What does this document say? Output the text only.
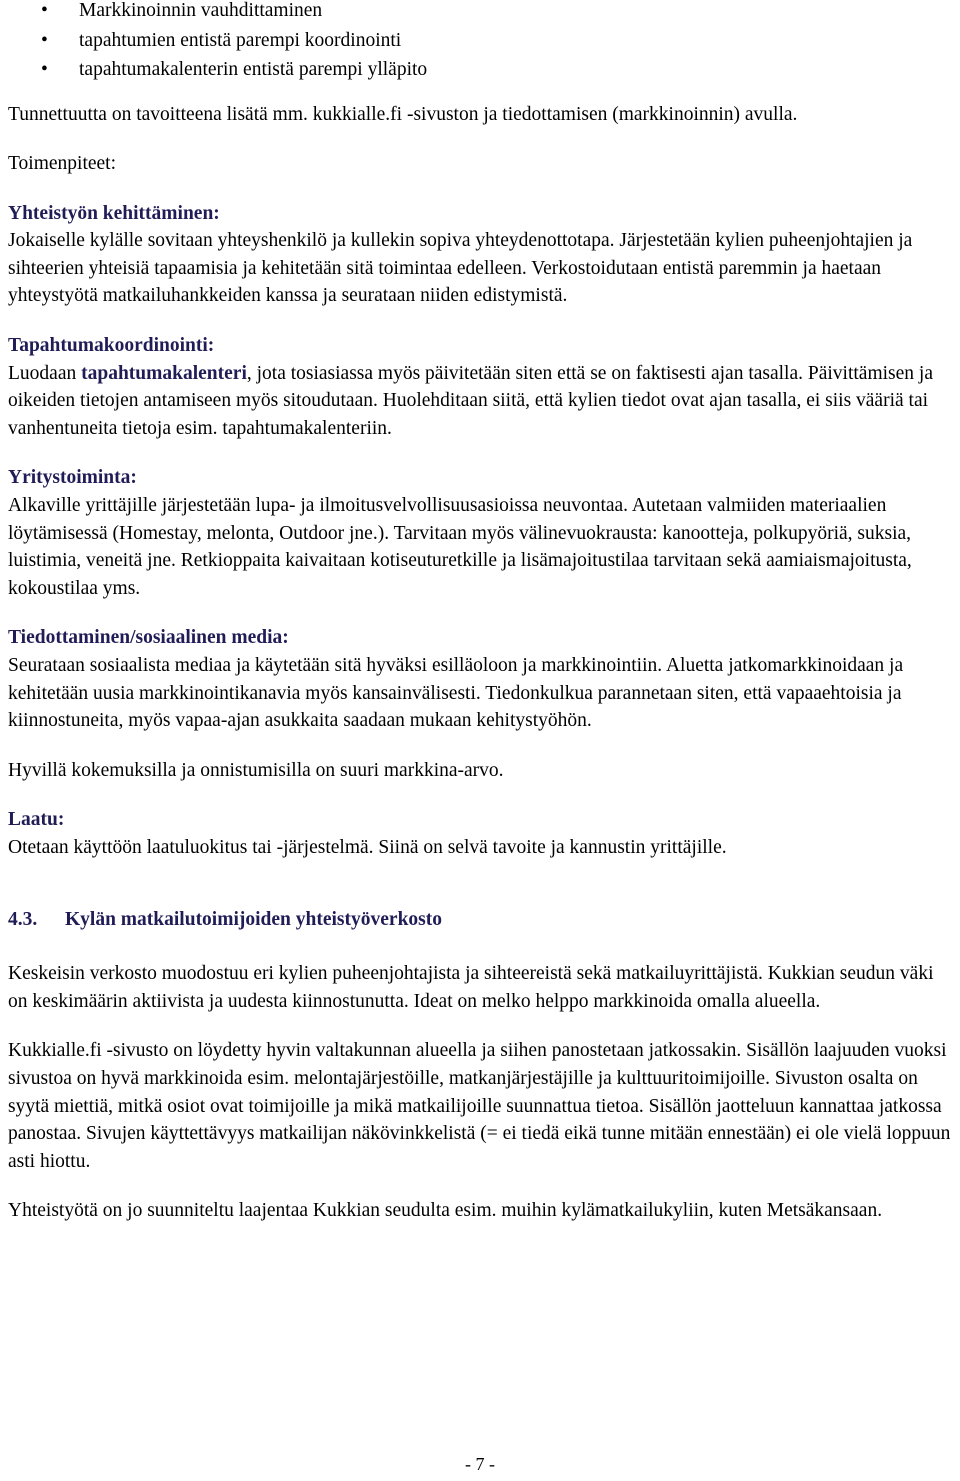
• Markkinoinnin vauhdittaminen
• tapahtumien entistä parempi koordinointi
• tapahtumakalenterin entistä parempi ylläpito

Tunnettuutta on tavoitteena lisätä mm. kukkialle.fi -sivuston ja tiedottamisen (markkinoinnin) avulla.

Toimenpiteet:

Yhteistyön kehittäminen:

Jokaiselle kylälle sovitaan yhteyshenkilö ja kullekin sopiva yhteydenottotapa. Järjestetään kylien puheenjohtajien ja sihteerien yhteisiä tapaamisia ja kehitetään sitä toimintaa edelleen. Verkostoidutaan entistä paremmin ja haetaan yhteystyötä matkailuhankkeiden kanssa ja seurataan niiden edistymistä.

Tapahtumakoordinointi:

Luodaan tapahtumakalenteri, jota tosiasiassa myös päivitetään siten että se on faktisesti ajan tasalla. Päivittämisen ja oikeiden tietojen antamiseen myös sitoudutaan. Huolehditaan siitä, että kylien tiedot ovat ajan tasalla, ei siis vääriä tai vanhentuneita tietoja esim. tapahtumakalenteriin.

Yritystoiminta:

Alkaville yrittäjille järjestetään lupa- ja ilmoitusvelvollisuusasioissa neuvontaa. Autetaan valmiiden materiaalien löytämisessä (Homestay, melonta, Outdoor jne.). Tarvitaan myös välinevuokrausta: kanootteja, polkupyöriä, suksia, luistimia, veneitä jne. Retkioppaita kaivaitaan kotiseuturetkille ja lisämajoitustilaa tarvitaan sekä aamiaismajoitusta, kokoustilaa yms.

Tiedottaminen/sosiaalinen media:

Seurataan sosiaalista mediaa ja käytetään sitä hyväksi esilläoloon ja markkinointiin. Aluetta jatkomarkkinoidaan ja kehitetään uusia markkinointikanavia myös kansainvälisesti. Tiedonkulkua parannetaan siten, että vapaaehtoisia ja kiinnostuneita, myös vapaa-ajan asukkaita saadaan mukaan kehitystyöhön.

Hyvillä kokemuksilla ja onnistumisilla on suuri markkina-arvo.

Laatu:

Otetaan käyttöön laatuluokitus tai -järjestelmä. Siinä on selvä tavoite ja kannustin yrittäjille.

4.3. Kylän matkailutoimijoiden yhteistyöverkosto

Keskeisin verkosto muodostuu eri kylien puheenjohtajista ja sihteereistä sekä matkailuyrittäjistä. Kukkian seudun väki on keskimäärin aktiivista ja uudesta kiinnostunutta. Ideat on melko helppo markkinoida omalla alueella.

Kukkialle.fi -sivusto on löydetty hyvin valtakunnan alueella ja siihen panostetaan jatkossakin. Sisällön laajuuden vuoksi sivustoa on hyvä markkinoida esim. melontajärjestöille, matkanjärjestäjille ja kulttuuritoimijoille. Sivuston osalta on syytä miettiä, mitkä osiot ovat toimijoille ja mikä matkailijoille suunnattua tietoa. Sisällön jaotteluun kannattaa jatkossa panostaa. Sivujen käyttettävyys matkailijan näkövinkkelistä (= ei tiedä eikä tunne mitään ennestään) ei ole vielä loppuun asti hiottu.

Yhteistyötä on jo suunniteltu laajentaa Kukkian seudulta esim. muihin kylämatkailukyliin, kuten Metsäkansaan.

- 7 -
